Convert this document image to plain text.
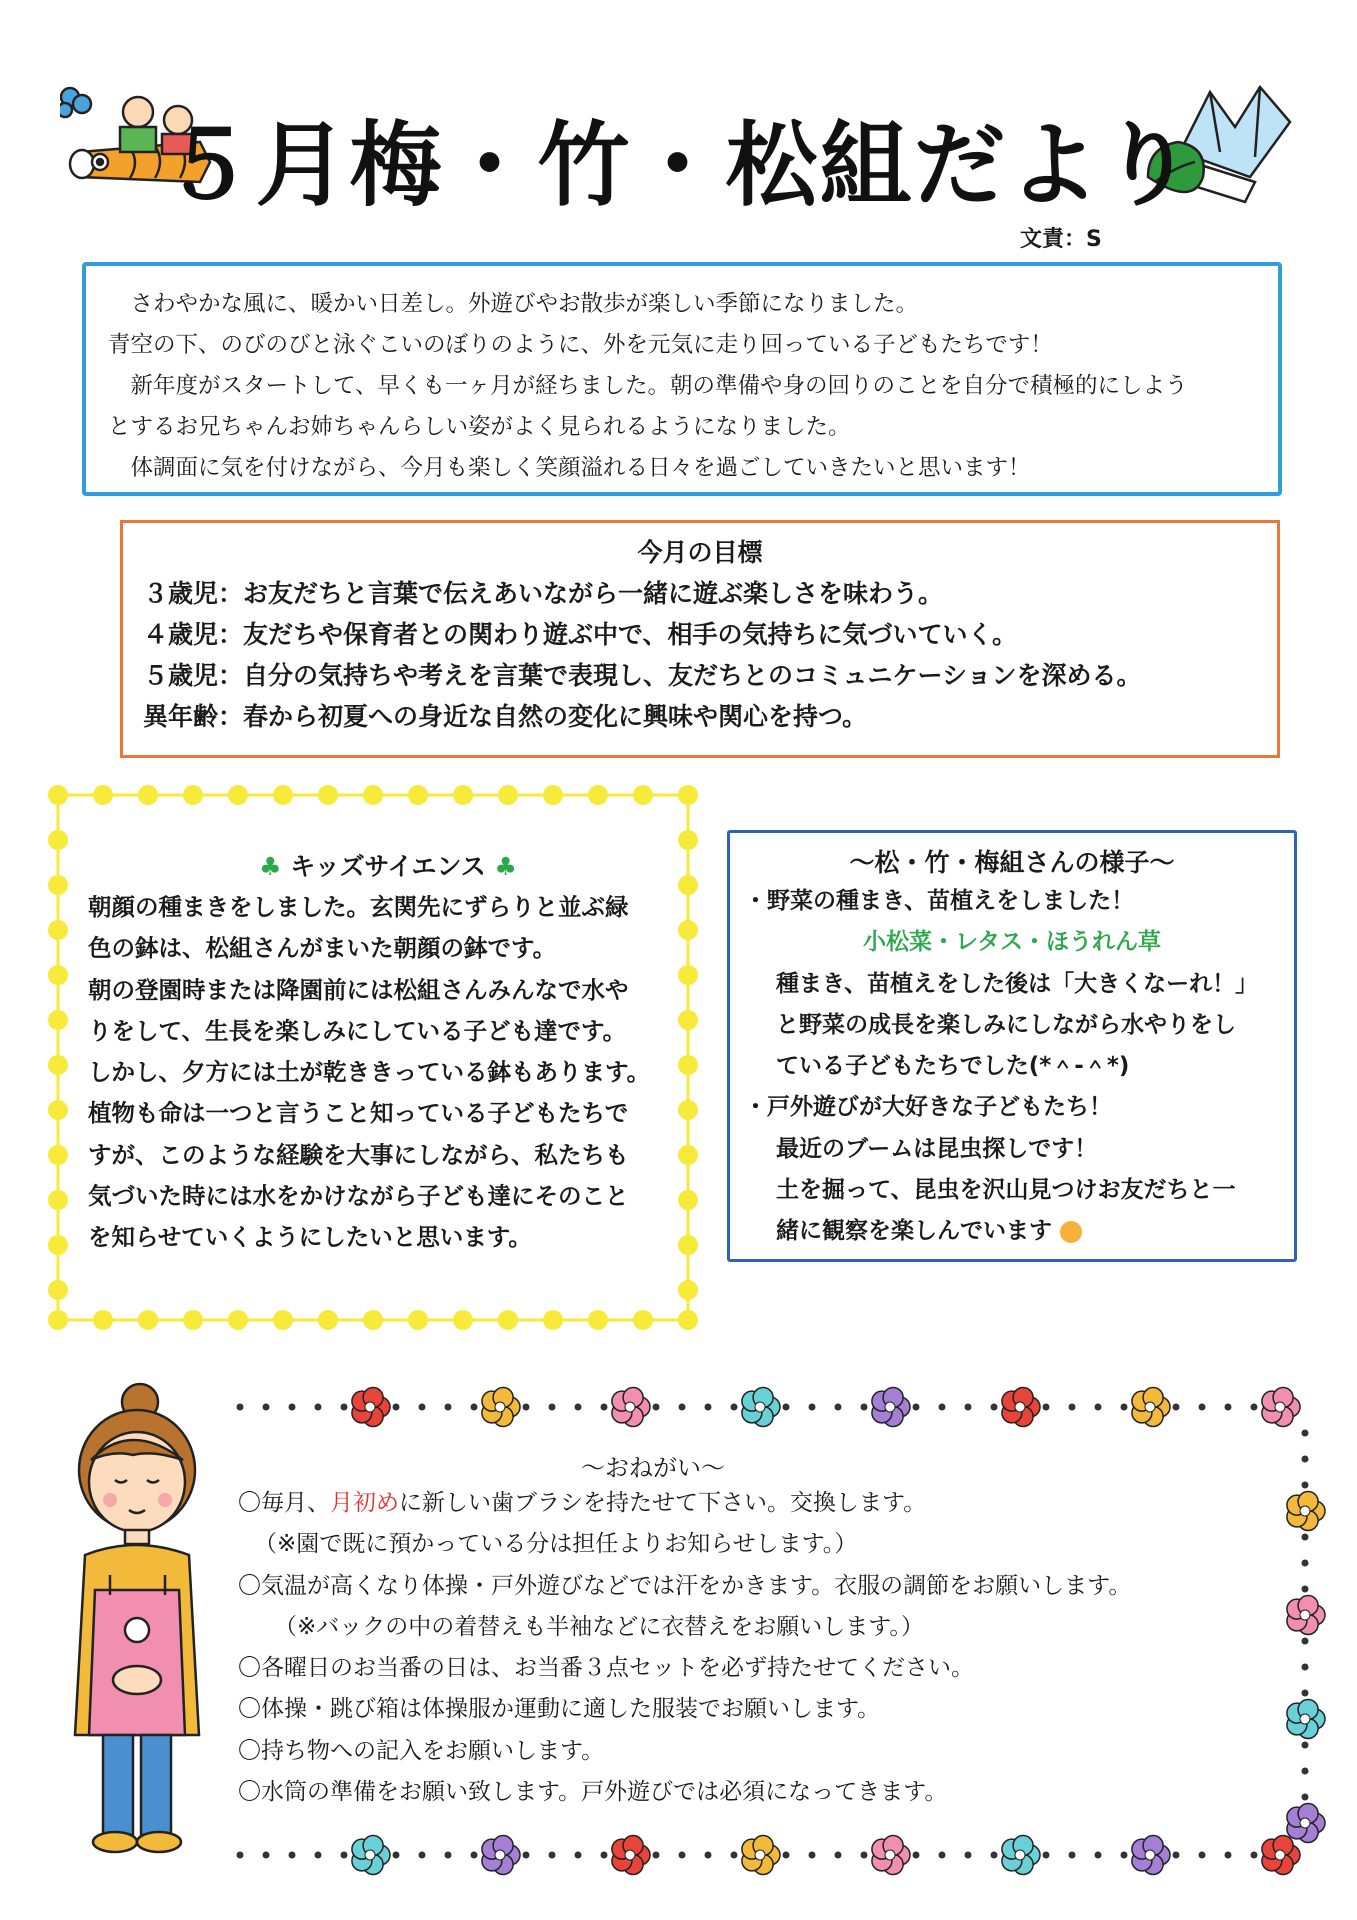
５月梅・竹・松組だより
文責：S

　さわやかな風に、暖かい日差し。外遊びやお散歩が楽しい季節になりました。

青空の下、のびのびと泳ぐこいのぼりのように、外を元気に走り回っている子どもたちです！

　新年度がスタートして、早くも一ヶ月が経ちました。朝の準備や身の回りのことを自分で積極的にしよう

とするお兄ちゃんお姉ちゃんらしい姿がよく見られるようになりました。

　体調面に気を付けながら、今月も楽しく笑顔溢れる日々を過ごしていきたいと思います！

今月の目標
３歳児：お友だちと言葉で伝えあいながら一緒に遊ぶ楽しさを味わう。
４歳児：友だちや保育者との関わり遊ぶ中で、相手の気持ちに気づいていく。
５歳児：自分の気持ちや考えを言葉で表現し、友だちとのコミュニケーションを深める。
異年齢：春から初夏への身近な自然の変化に興味や関心を持つ。
♣ キッズサイエンス ♣

朝顔の種まきをしました。玄関先にずらりと並ぶ緑

色の鉢は、松組さんがまいた朝顔の鉢です。

朝の登園時または降園前には松組さんみんなで水や

りをして、生長を楽しみにしている子ども達です。

しかし、夕方には土が乾ききっている鉢もあります。

植物も命は一つと言うこと知っている子どもたちで

すが、このような経験を大事にしながら、私たちも

気づいた時には水をかけながら子ども達にそのこと

を知らせていくようにしたいと思います。

～松・竹・梅組さんの様子～

・野菜の種まき、苗植えをしました！

小松菜・レタス・ほうれん草

種まき、苗植えをした後は「大きくなーれ！」

と野菜の成長を楽しみにしながら水やりをし

ている子どもたちでした(*＾-＾*)

・戸外遊びが大好きな子どもたち！

最近のブームは昆虫探しです！

土を掘って、昆虫を沢山見つけお友だちと一

緒に観察を楽しんでいます

～おねがい～

〇毎月、月初めに新しい歯ブラシを持たせて下さい。交換します。

（※園で既に預かっている分は担任よりお知らせします。）

〇気温が高くなり体操・戸外遊びなどでは汗をかきます。衣服の調節をお願いします。

（※バックの中の着替えも半袖などに衣替えをお願いします。）

〇各曜日のお当番の日は、お当番３点セットを必ず持たせてください。

〇体操・跳び箱は体操服か運動に適した服装でお願いします。

〇持ち物への記入をお願いします。

〇水筒の準備をお願い致します。戸外遊びでは必須になってきます。
